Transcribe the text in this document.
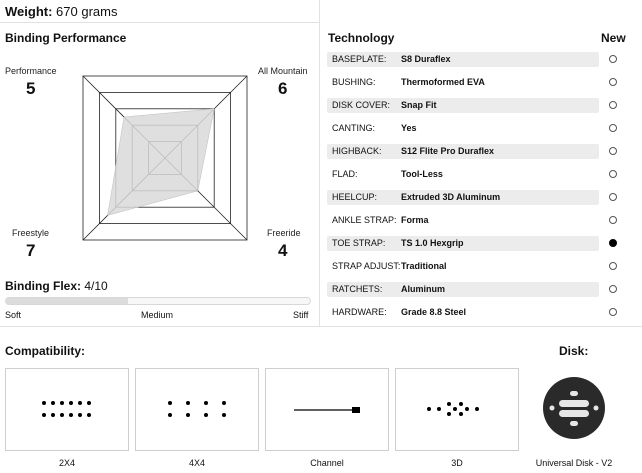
Weight: 670 grams
Binding Performance
Performance
5
All Mountain
6
Freestyle
7
Freeride
4
Binding Flex: 4/10
Soft	Medium	Stiff
Technology	New
BASEPLATE: S8 Duraflex
BUSHING:	Thermoformed EVA
DISK COVER: Snap Fit
CANTING:	Yes
HIGHBACK: S12 Flite Pro Duraflex
FLAD:	Tool-Less
HEELCUP:	Extruded 3D Aluminum
ANKLE STRAP: Forma
TOE STRAP: TS 1.0 Hexgrip
STRAP ADJUST: Traditional
RATCHETS: Aluminum
HARDWARE: Grade 8.8 Steel
Compatibility:	Disk:
2X4	4X4	Channel	3D	Universal Disk - V2
